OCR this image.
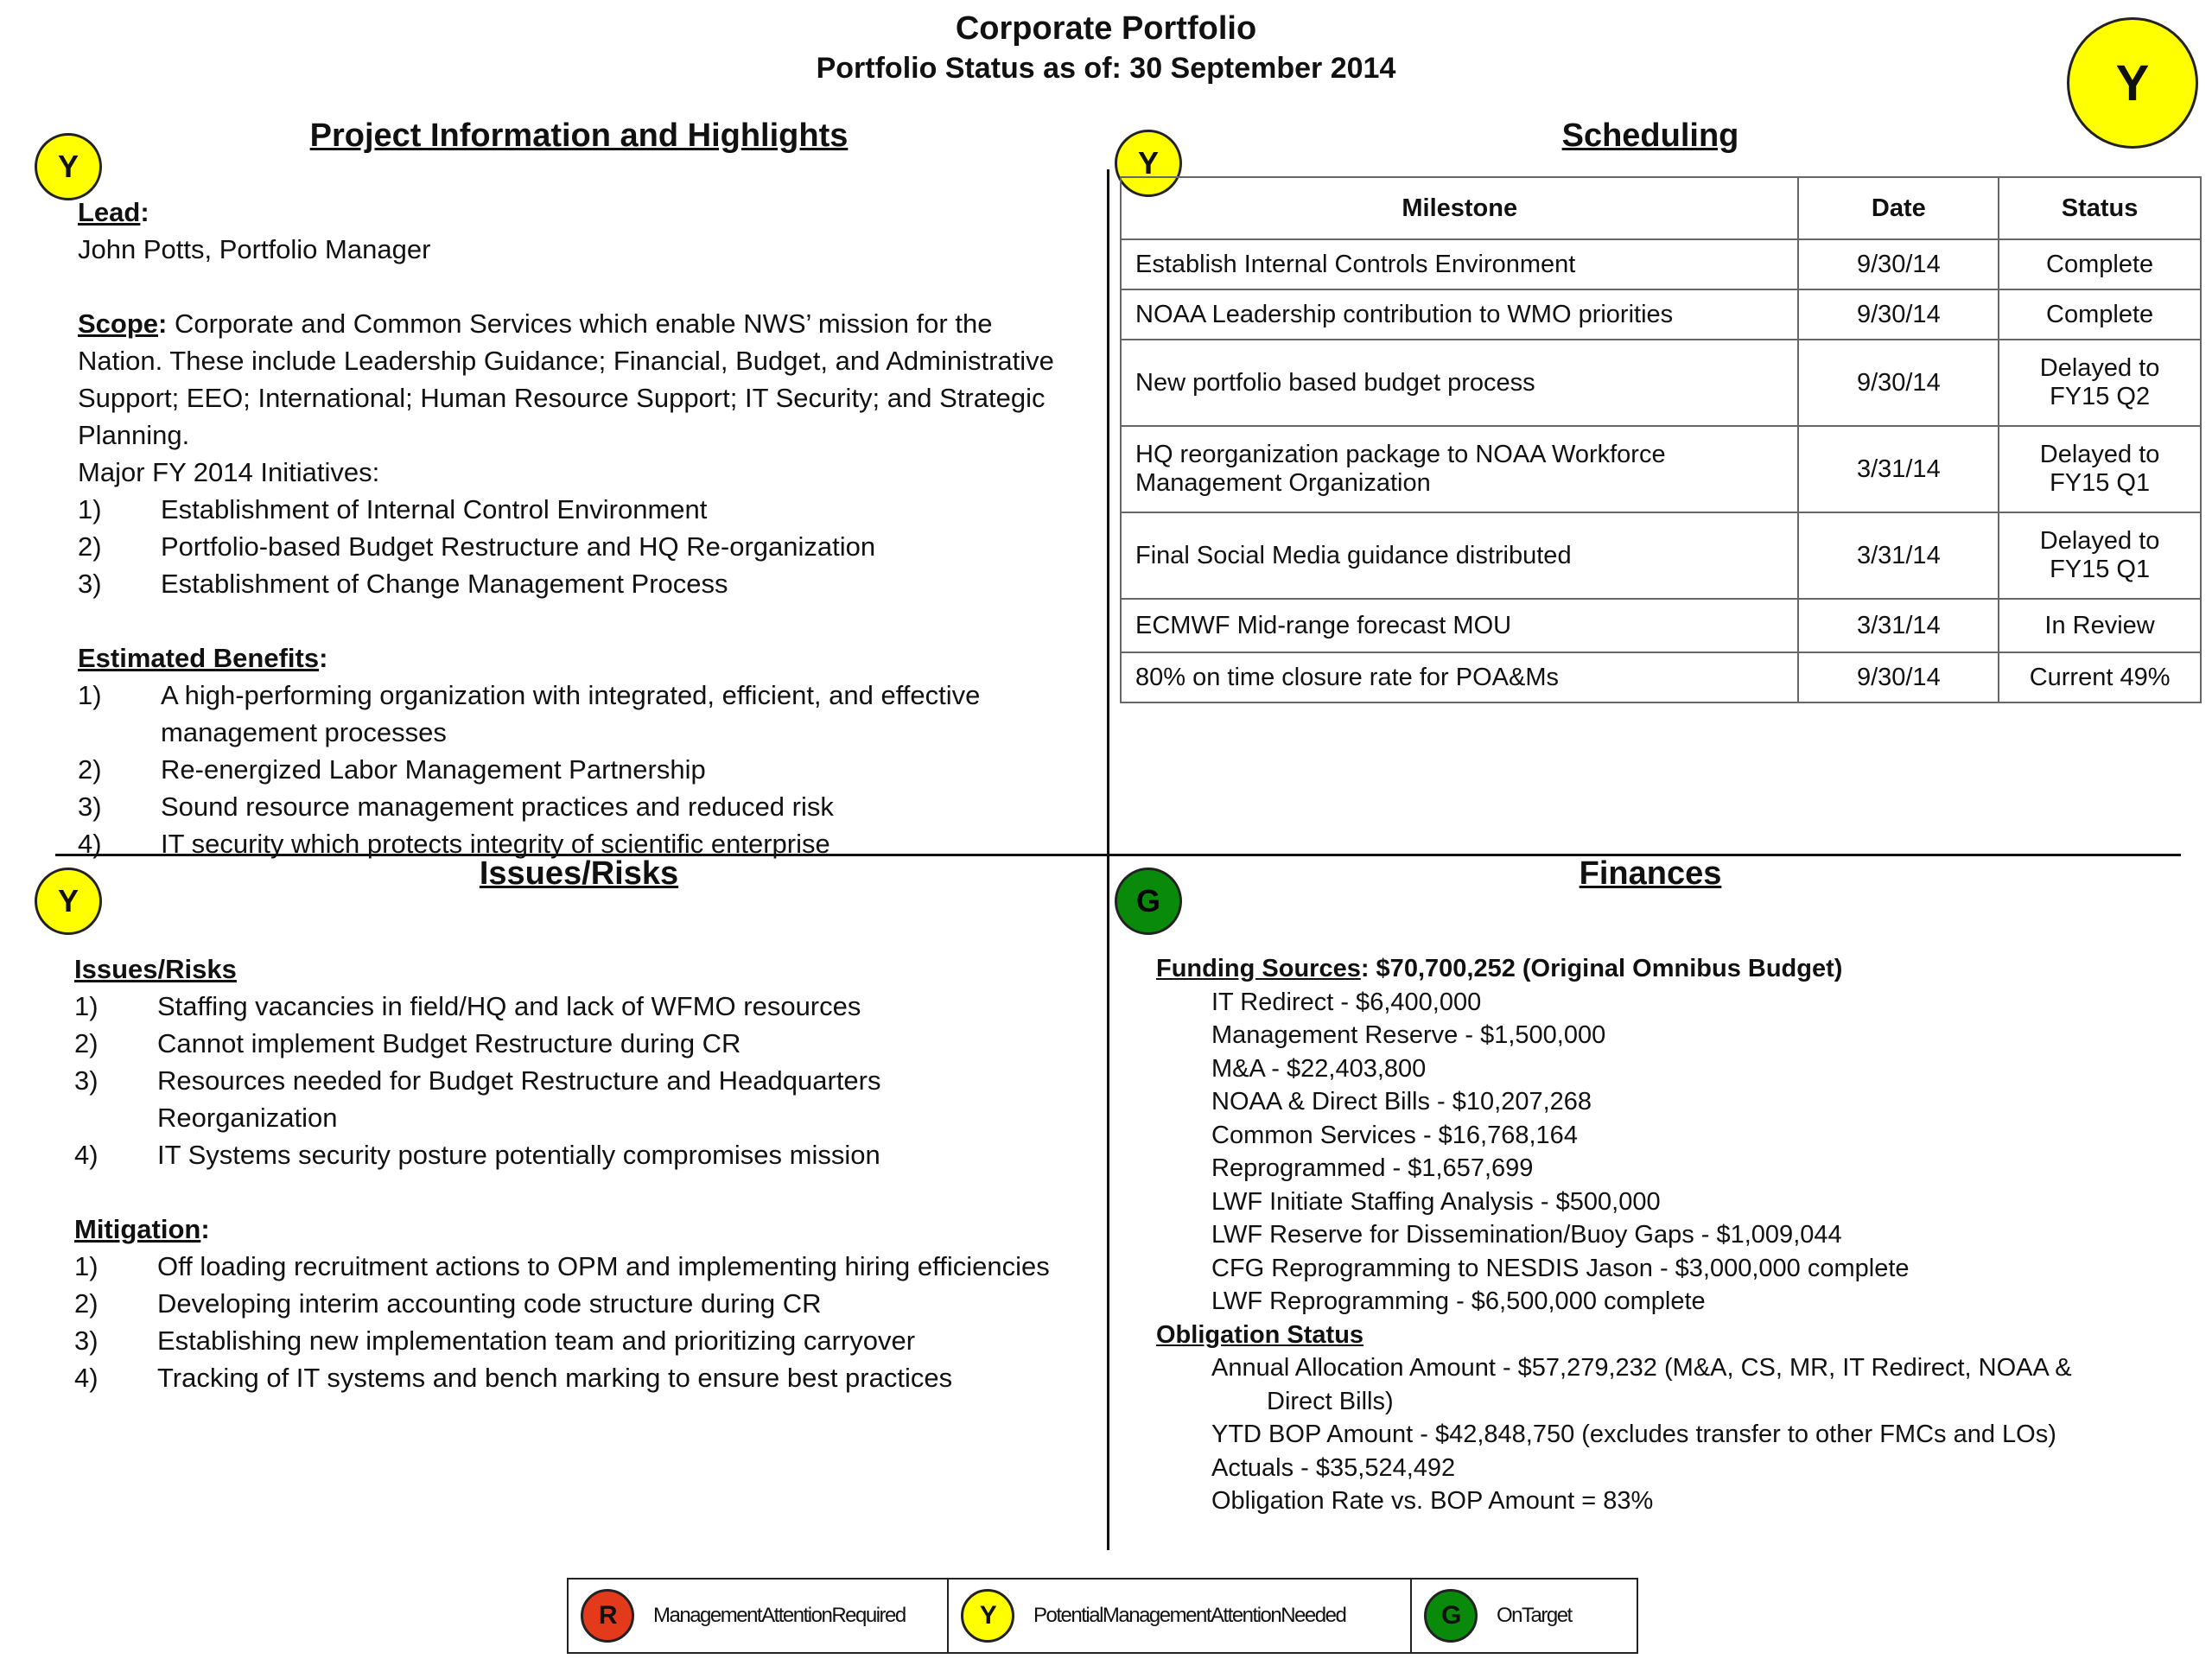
Corporate Portfolio
Portfolio Status as of: 30 September 2014	Y
Y
Project Information and Highlights
Lead:
John Potts, Portfolio Manager
Scope: Corporate and Common Services which enable NWS’ mission for the Nation. These include Leadership Guidance; Financial, Budget, and Administrative Support; EEO; International; Human Resource Support; IT Security; and Strategic Planning.
Major FY 2014 Initiatives:
1) Establishment of Internal Control Environment
2) Portfolio-based Budget Restructure and HQ Re-organization
3) Establishment of Change Management Process
Estimated Benefits:
1) A high-performing organization with integrated, efficient, and effective management processes
2) Re-energized Labor Management Partnership
3) Sound resource management practices and reduced risk
4) IT security which protects integrity of scientific enterprise
Y
Scheduling
Milestone	Date	Status
Establish Internal Controls Environment	9/30/14	Complete
NOAA Leadership contribution to WMO priorities	9/30/14	Complete
New portfolio based budget process	9/30/14	Delayed to FY15 Q2
HQ reorganization package to NOAA Workforce Management Organization	3/31/14	Delayed to FY15 Q1
Final Social Media guidance distributed	3/31/14	Delayed to FY15 Q1
ECMWF Mid-range forecast MOU	3/31/14	In Review
80% on time closure rate for POA&Ms	9/30/14	Current 49%
Y
Issues/Risks
Issues/Risks
1) Staffing vacancies in field/HQ and lack of WFMO resources
2) Cannot implement Budget Restructure during CR
3) Resources needed for Budget Restructure and Headquarters Reorganization
4) IT Systems security posture potentially compromises mission
Mitigation:
1) Off loading recruitment actions to OPM and implementing hiring efficiencies
2) Developing interim accounting code structure during CR
3) Establishing new implementation team and prioritizing carryover
4) Tracking of IT systems and bench marking to ensure best practices
G
Finances
Funding Sources: $70,700,252 (Original Omnibus Budget)
IT Redirect - $6,400,000
Management Reserve - $1,500,000
M&A - $22,403,800
NOAA & Direct Bills - $10,207,268
Common Services - $16,768,164
Reprogrammed - $1,657,699
LWF Initiate Staffing Analysis - $500,000
LWF Reserve for Dissemination/Buoy Gaps - $1,009,044
CFG Reprogramming to NESDIS Jason - $3,000,000 complete
LWF Reprogramming - $6,500,000 complete
Obligation Status
Annual Allocation Amount - $57,279,232 (M&A, CS, MR, IT Redirect, NOAA &
Direct Bills)
YTD BOP Amount - $42,848,750 (excludes transfer to other FMCs and LOs)
Actuals - $35,524,492
Obligation Rate vs. BOP Amount = 83%
R	ManagementAttentionRequired	Y	PotentialManagementAttentionNeeded	G	OnTarget
